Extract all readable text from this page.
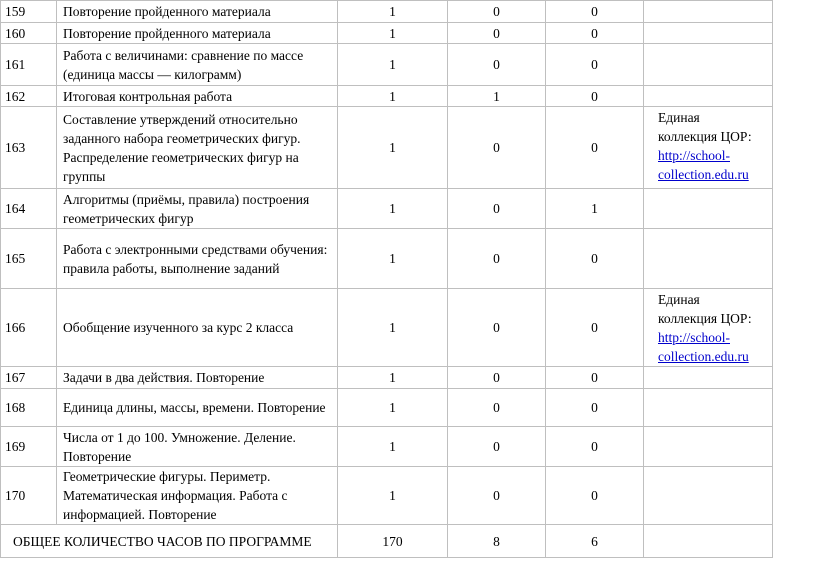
159	Повторение пройденного материала	1	0	0	
160	Повторение пройденного материала	1	0	0	
161	Работа с величинами: сравнение по массе (единица массы — килограмм)	1	0	0	
162	Итоговая контрольная работа	1	1	0	
163	Составление утверждений относительно заданного набора геометрических фигур. Распределение геометрических фигур на группы	1	0	0	Единая коллекция ЦОР:
http://school-collection.edu.ru
164	Алгоритмы (приёмы, правила) построения геометрических фигур	1	0	1	
165	Работа с электронными средствами обучения: правила работы, выполнение заданий	1	0	0	
166	Обобщение изученного за курс 2 класса	1	0	0	Единая коллекция ЦОР:
http://school-collection.edu.ru
167	Задачи в два действия. Повторение	1	0	0	
168	Единица длины, массы, времени. Повторение	1	0	0	
169	Числа от 1 до 100. Умножение. Деление. Повторение	1	0	0	
170	Геометрические фигуры. Периметр. Математическая информация. Работа с информацией. Повторение	1	0	0	
ОБЩЕЕ КОЛИЧЕСТВО ЧАСОВ ПО ПРОГРАММЕ		170	8	6	
